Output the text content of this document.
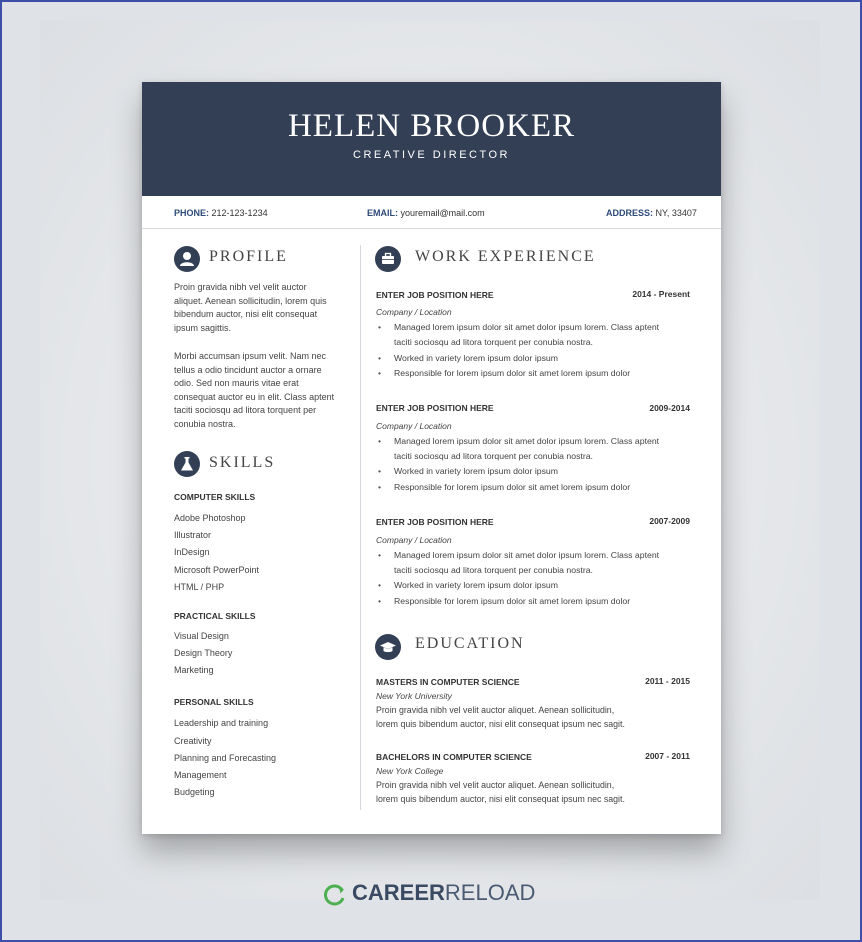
HELEN BROOKER
CREATIVE DIRECTOR
PHONE: 212-123-1234	EMAIL: youremail@mail.com	ADDRESS: NY, 33407
PROFILE
Proin gravida nibh vel velit auctor
aliquet. Aenean sollicitudin, lorem quis
bibendum auctor, nisi elit consequat
ipsum sagittis.
Morbi accumsan ipsum velit. Nam nec
tellus a odio tincidunt auctor a ornare
odio. Sed non mauris vitae erat
consequat auctor eu in elit. Class aptent
taciti sociosqu ad litora torquent per
conubia nostra.
SKILLS
COMPUTER SKILLS
Adobe Photoshop
Illustrator
InDesign
Microsoft PowerPoint
HTML / PHP
PRACTICAL SKILLS
Visual Design
Design Theory
Marketing
PERSONAL SKILLS
Leadership and training
Creativity
Planning and Forecasting
Management
Budgeting
WORK EXPERIENCE
ENTER JOB POSITION HERE	2014 - Present
Company / Location
• Managed lorem ipsum dolor sit amet dolor ipsum lorem. Class aptent
taciti sociosqu ad litora torquent per conubia nostra.
• Worked in variety lorem ipsum dolor ipsum
• Responsible for lorem ipsum dolor sit amet lorem ipsum dolor
ENTER JOB POSITION HERE	2009-2014
Company / Location
• Managed lorem ipsum dolor sit amet dolor ipsum lorem. Class aptent
taciti sociosqu ad litora torquent per conubia nostra.
• Worked in variety lorem ipsum dolor ipsum
• Responsible for lorem ipsum dolor sit amet lorem ipsum dolor
ENTER JOB POSITION HERE	2007-2009
Company / Location
• Managed lorem ipsum dolor sit amet dolor ipsum lorem. Class aptent
taciti sociosqu ad litora torquent per conubia nostra.
• Worked in variety lorem ipsum dolor ipsum
• Responsible for lorem ipsum dolor sit amet lorem ipsum dolor
EDUCATION
MASTERS IN COMPUTER SCIENCE	2011 - 2015
New York University
Proin gravida nibh vel velit auctor aliquet. Aenean sollicitudin,
lorem quis bibendum auctor, nisi elit consequat ipsum nec sagit.
BACHELORS IN COMPUTER SCIENCE	2007 - 2011
New York College
Proin gravida nibh vel velit auctor aliquet. Aenean sollicitudin,
lorem quis bibendum auctor, nisi elit consequat ipsum nec sagit.
CAREERRELOAD
